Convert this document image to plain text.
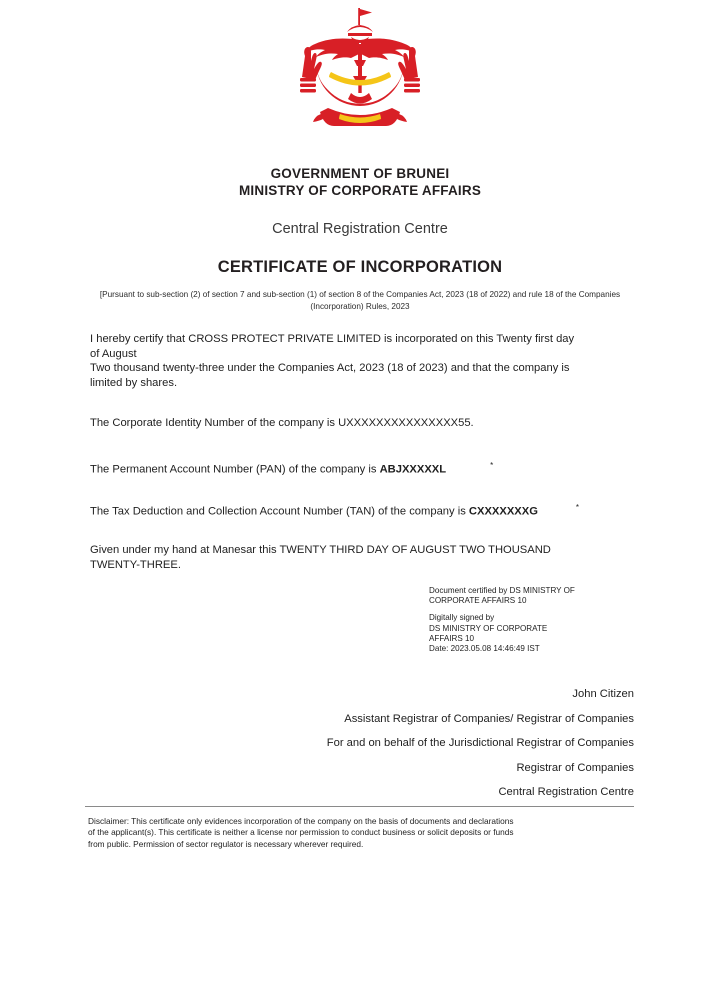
GOVERNMENT OF BRUNEI
MINISTRY OF CORPORATE AFFAIRS
Central Registration Centre
CERTIFICATE OF INCORPORATION
[Pursuant to sub-section (2) of section 7 and sub-section (1) of section 8 of the Companies Act, 2023 (18 of 2022) and rule 18 of the Companies (Incorporation) Rules, 2023
I hereby certify that CROSS PROTECT PRIVATE LIMITED is incorporated on this Twenty first day
of August
Two thousand twenty-three under the Companies Act, 2023 (18 of 2023) and that the company is
limited by shares.
The Corporate Identity Number of the company is UXXXXXXXXXXXXXXX55.
The Permanent Account Number (PAN) of the company is ABJXXXXXL	*
The Tax Deduction and Collection Account Number (TAN) of the company is CXXXXXXXG	*
Given under my hand at Manesar this TWENTY THIRD DAY OF AUGUST TWO THOUSAND
TWENTY-THREE.
Document certified by DS MINISTRY OF
CORPORATE AFFAIRS 10
Digitally signed by
DS MINISTRY OF CORPORATE
AFFAIRS 10
Date: 2023.05.08 14:46:49 IST
John Citizen
Assistant Registrar of Companies/ Registrar of Companies
For and on behalf of the Jurisdictional Registrar of Companies
Registrar of Companies
Central Registration Centre
Disclaimer: This certificate only evidences incorporation of the company on the basis of documents and declarations
of the applicant(s). This certificate is neither a license nor permission to conduct business or solicit deposits or funds
from public. Permission of sector regulator is necessary wherever required.
